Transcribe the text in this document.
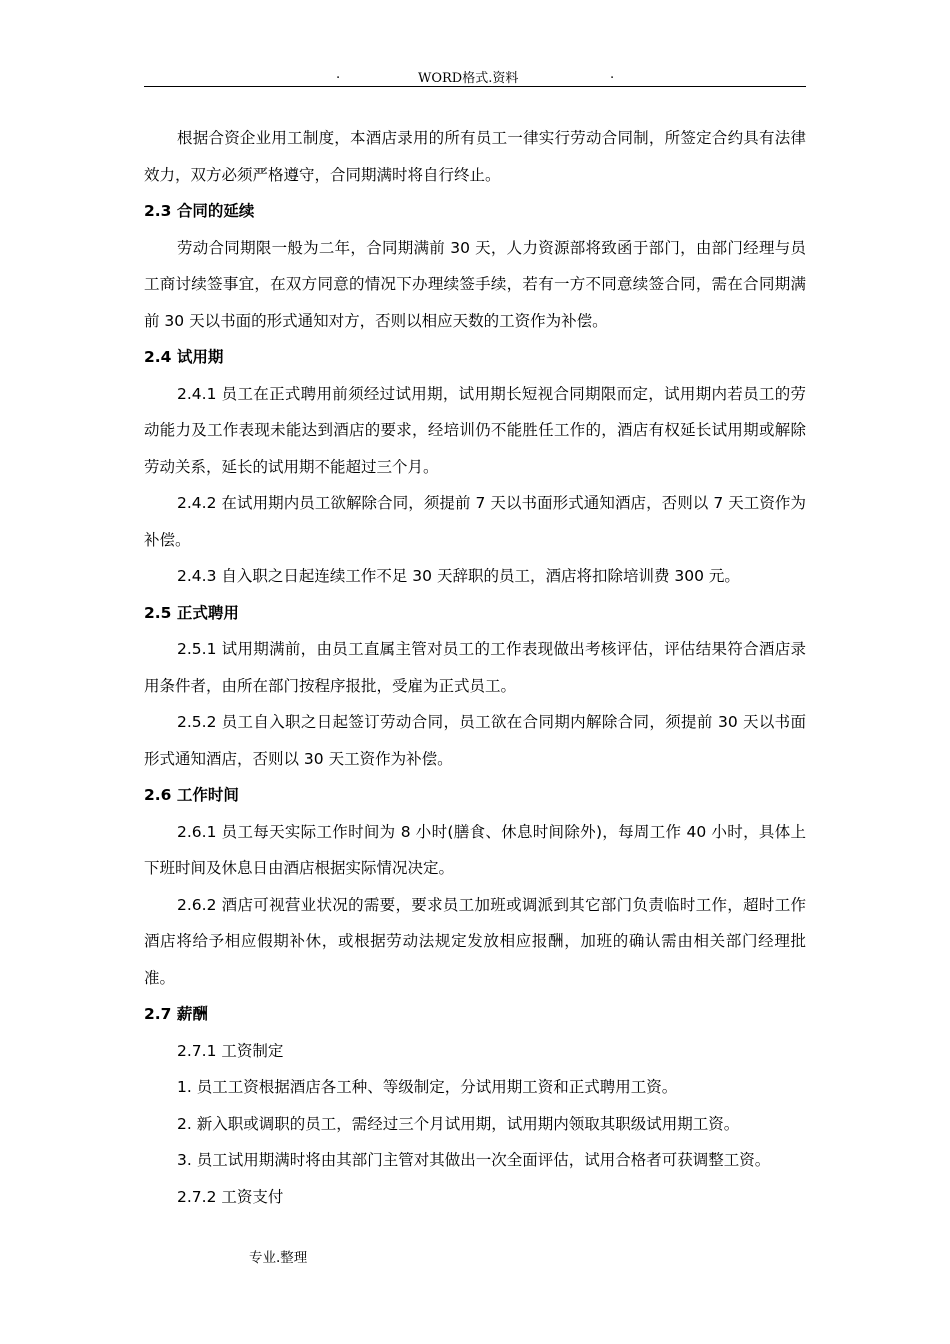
.	WORD格式.资料	.

根据合资企业用工制度，本酒店录用的所有员工一律实行劳动合同制，所签定合约具有法律效力，双方必须严格遵守，合同期满时将自行终止。

2.3 合同的延续

劳动合同期限一般为二年，合同期满前 30 天，人力资源部将致函于部门，由部门经理与员工商讨续签事宜，在双方同意的情况下办理续签手续，若有一方不同意续签合同，需在合同期满前 30 天以书面的形式通知对方，否则以相应天数的工资作为补偿。

2.4 试用期

2.4.1 员工在正式聘用前须经过试用期，试用期长短视合同期限而定，试用期内若员工的劳动能力及工作表现未能达到酒店的要求，经培训仍不能胜任工作的，酒店有权延长试用期或解除劳动关系，延长的试用期不能超过三个月。

2.4.2 在试用期内员工欲解除合同，须提前 7 天以书面形式通知酒店，否则以 7 天工资作为补偿。

2.4.3 自入职之日起连续工作不足 30 天辞职的员工，酒店将扣除培训费 300 元。

2.5 正式聘用

2.5.1 试用期满前，由员工直属主管对员工的工作表现做出考核评估，评估结果符合酒店录用条件者，由所在部门按程序报批，受雇为正式员工。

2.5.2 员工自入职之日起签订劳动合同，员工欲在合同期内解除合同，须提前 30 天以书面形式通知酒店，否则以 30 天工资作为补偿。

2.6 工作时间

2.6.1 员工每天实际工作时间为 8 小时(膳食、休息时间除外)，每周工作 40 小时，具体上下班时间及休息日由酒店根据实际情况决定。

2.6.2 酒店可视营业状况的需要，要求员工加班或调派到其它部门负责临时工作，超时工作酒店将给予相应假期补休，或根据劳动法规定发放相应报酬，加班的确认需由相关部门经理批准。

2.7 薪酬

2.7.1 工资制定

1. 员工工资根据酒店各工种、等级制定，分试用期工资和正式聘用工资。

2. 新入职或调职的员工，需经过三个月试用期，试用期内领取其职级试用期工资。

3. 员工试用期满时将由其部门主管对其做出一次全面评估，试用合格者可获调整工资。

2.7.2 工资支付

专业.整理
